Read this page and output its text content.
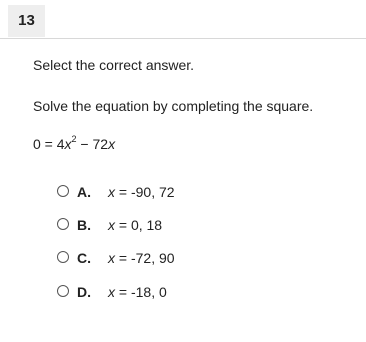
13
Select the correct answer.
Solve the equation by completing the square.
$0 = 4x^2 - 72x$
A. x = -90, 72
B. x = 0, 18
C. x = -72, 90
D. x = -18, 0
